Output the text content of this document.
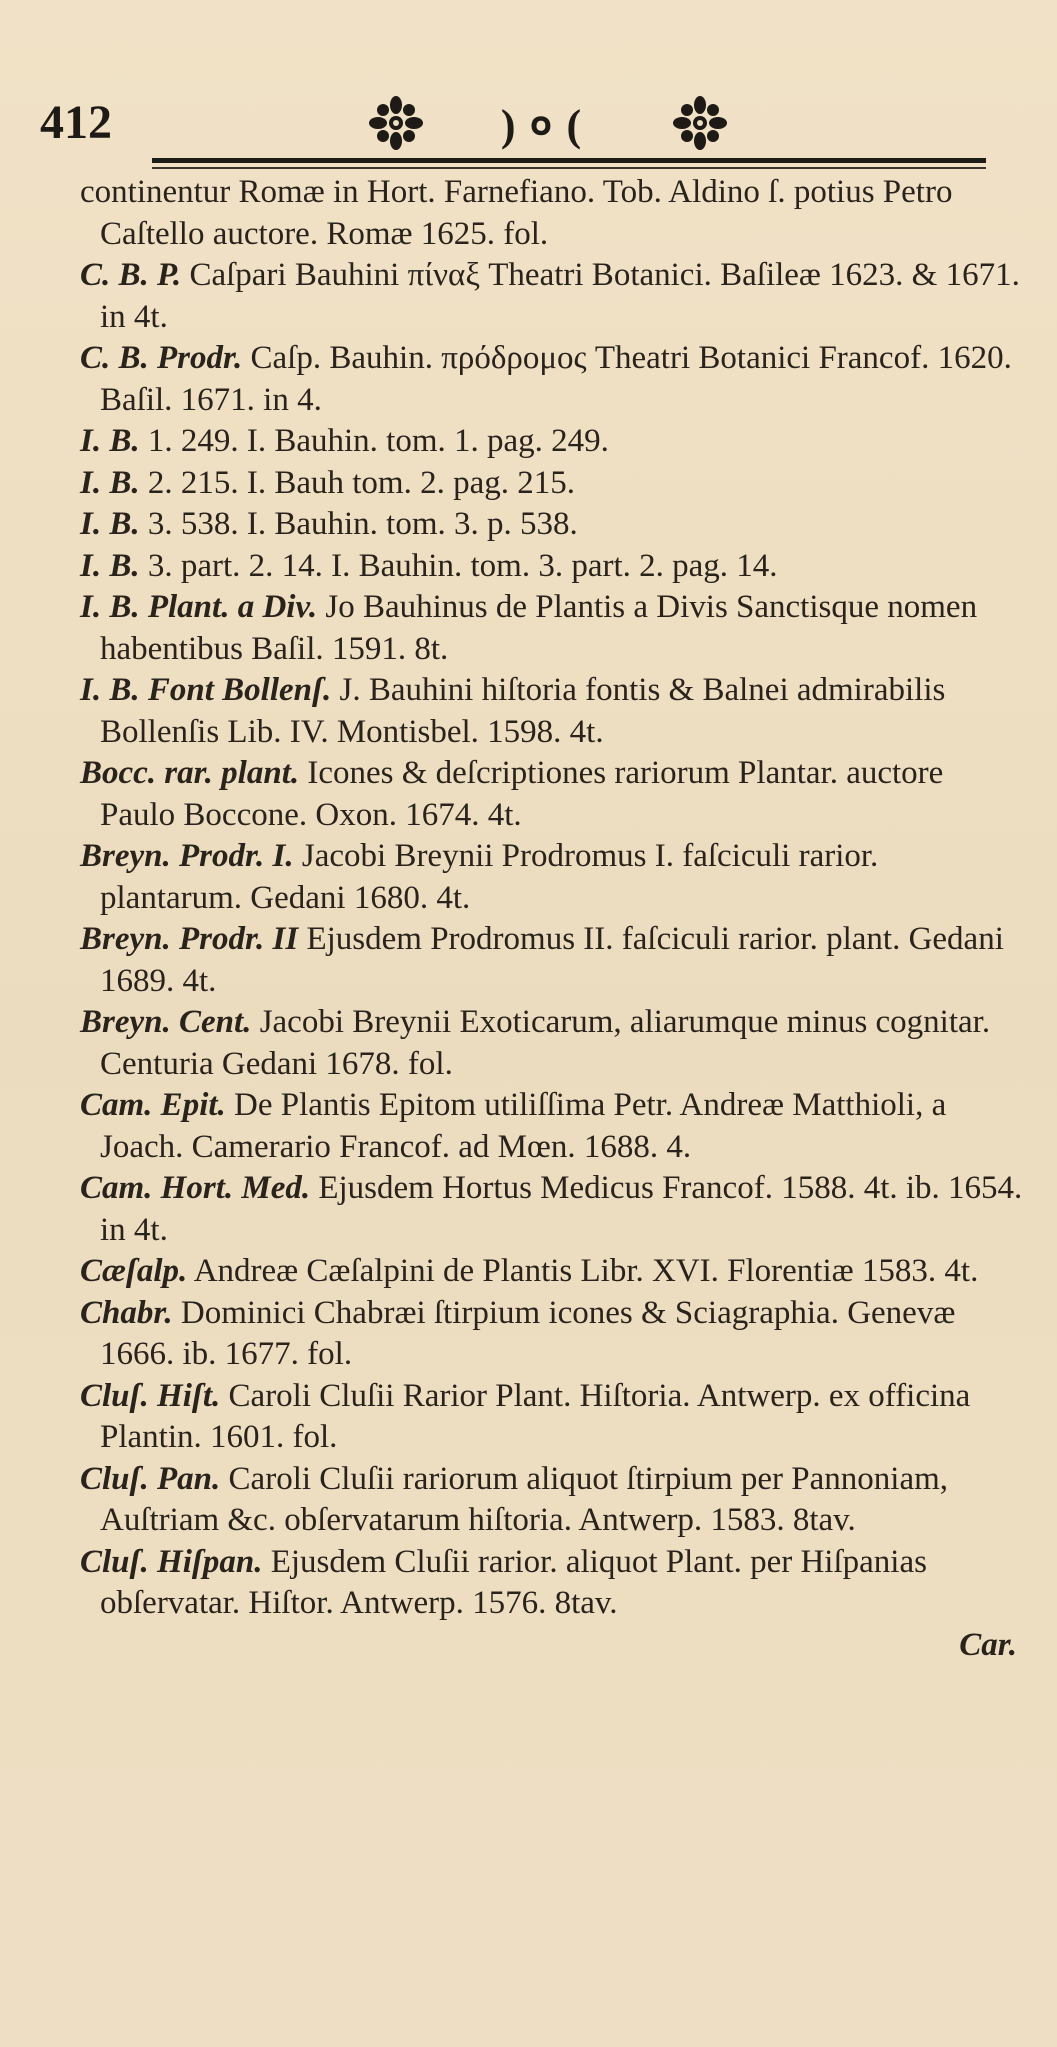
412	)०(

continentur Romæ in Hort. Farnefiano. Tob. Aldino ſ. potius Petro Caſtello auctore. Romæ 1625. fol.

C. B. P. Caſpari Bauhini πίναξ Theatri Botanici. Baſileæ 1623. & 1671. in 4t.

C. B. Prodr. Caſp. Bauhin. πρόδρομος Theatri Botanici Francof. 1620. Baſil. 1671. in 4.

I. B. 1. 249. I. Bauhin. tom. 1. pag. 249.

I. B. 2. 215. I. Bauh tom. 2. pag. 215.

I. B. 3. 538. I. Bauhin. tom. 3. p. 538.

I. B. 3. part. 2. 14. I. Bauhin. tom. 3. part. 2. pag. 14.

I. B. Plant. a Div. Jo Bauhinus de Plantis a Divis Sanctisque nomen habentibus Baſil. 1591. 8t.

I. B. Font Bollenſ. J. Bauhini hiſtoria fontis & Balnei admirabilis Bollenſis Lib. IV. Montisbel. 1598. 4t.

Bocc. rar. plant. Icones & deſcriptiones rariorum Plantar. auctore Paulo Boccone. Oxon. 1674. 4t.

Breyn. Prodr. I. Jacobi Breynii Prodromus I. faſciculi rarior. plantarum. Gedani 1680. 4t.

Breyn. Prodr. II Ejusdem Prodromus II. faſciculi rarior. plant. Gedani 1689. 4t.

Breyn. Cent. Jacobi Breynii Exoticarum, aliarumque minus cognitar. Centuria Gedani 1678. fol.

Cam. Epit. De Plantis Epitom utiliſſima Petr. Andreæ Matthioli, a Joach. Camerario Francof. ad Mœn. 1688. 4.

Cam. Hort. Med. Ejusdem Hortus Medicus Francof. 1588. 4t. ib. 1654. in 4t.

Cæſalp. Andreæ Cæſalpini de Plantis Libr. XVI. Florentiæ 1583. 4t.

Chabr. Dominici Chabræi ſtirpium icones & Sciagraphia. Genevæ 1666. ib. 1677. fol.

Cluſ. Hiſt. Caroli Cluſii Rarior Plant. Hiſtoria. Antwerp. ex officina Plantin. 1601. fol.

Cluſ. Pan. Caroli Cluſii rariorum aliquot ſtirpium per Pannoniam, Auſtriam &c. obſervatarum hiſtoria. Antwerp. 1583. 8tav.

Cluſ. Hiſpan. Ejusdem Cluſii rarior. aliquot Plant. per Hiſpanias obſervatar. Hiſtor. Antwerp. 1576. 8tav.

Car.
